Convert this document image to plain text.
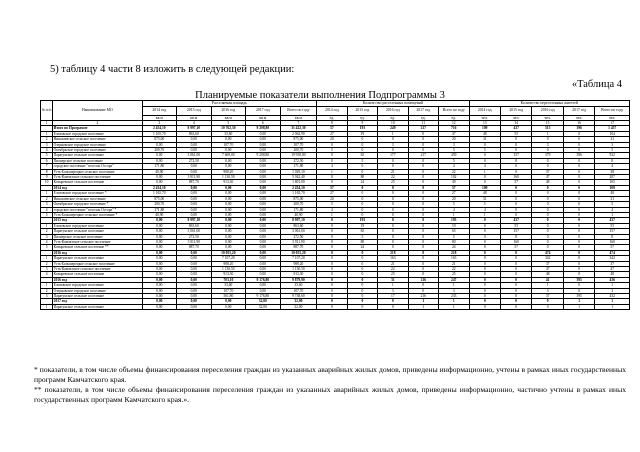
5) таблицу 4 части 8 изложить в следующей редакции:
«Таблица 4
Планируемые показатели выполнения Подпрограммы 3
№ п/п	Наименование МО	Расселяемая площадь					Количество расселенных помещений					Количество переселенных жителей				
		2014 год	2015 год	2016 год	2017 год	Всего по году	2014 год	2015 год	2016 год	2017 год	Всего по году	2014 год	2015 год	2016 год	2017 год	Всего по году
		кв.м	кв.м	кв.м	кв.м	кв.м	ед.	ед.	ед.	ед.	ед.	чел.	чел.	чел.	чел.	чел.
1	2	3	4	5	6	7	8	9	10	11	12	13	14	15	16	17
	Итого по Программе	2 454,10	8 997,10	10 762,30	9 208,80	31 422,30	57	193	249	217	716	109	437	515	396	1 457
1	Елизовское городское поселение	1 165,70	863,60	33,60	0,00	2 062,90	27	19	1	0	47	48	55	1	0	104
2	Николаевское сельское поселение	875,00	0,00	0,00	0,00	875,00	20	0	0	0	20	31	0	0	0	31
3	Озерновское городское поселение	0,00	0,00	107,70	0,00	107,70	0	0	3	0	3	0	0	3	0	3
4	Октябрьское городское поселение	200,70	0,00	0,00	0,00	200,70	5	0	0	0	5	5	0	0	0	5
5	Паратунское сельское поселение	0,00	3 061,00	7 669,00	9 208,80	19 938,80	0	65	177	217	459	0	157	379	396	932
6	Пионерское сельское поселение	0,00	272,50	0,00	0,00	272,50	0	5	0	0	5	0	8	0	0	8
7	городское поселение "поселок Оссора"	171,80	0,00	0,00	0,00	171,80	4	0	0	0	4	4	0	0	0	4
8	Усть-Большерецкое сельское поселение	40,90	0,00	988,20	0,00	1 029,10	1	0	21	0	22	1	0	37	0	38
9	Усть-Камчатское сельское поселение	0,00	3 911,90	1 130,50	0,00	5 042,40	0	80	22	0	102	0	160	47	0	207
10	Козыревское сельское поселение	0,00	887,70	913,30	0,00	1 801,00	0	24	25	0	49	0	57	48	0	105
	2014 год	2 454,10	0,00	0,00	0,00	2 454,10	57	0	0	0	57	109	0	0	0	109
1	Елизовское городское поселение *	1 165,70	0,00	0,00	0,00	1 165,70	27	0	0	0	27	48	0	0	0	48
2	Николаевское сельское поселение	875,00	0,00	0,00	0,00	875,00	20	0	0	0	20	31	0	0	0	31
3	Октябрьское городское поселение *	200,70	0,00	0,00	0,00	200,70	5	0	0	0	5	5	0	0	0	5
4	городское поселение "поселок Оссора" *	171,80	0,00	0,00	0,00	171,80	4	0	0	0	4	4	0	0	0	4
5	Усть-Большерецкое сельское поселение *	40,90	0,00	0,00	0,00	40,90	1	0	0	0	1	1	0	0	0	1
	2015 год	0,00	8 997,10	0,00	0,00	8 997,10	0	193	0	0	193	0	437	0	0	437
1	Елизовское городское поселение	0,00	863,60	0,00	0,00	863,60	0	19	0	0	19	0	55	0	0	55
2	Паратунское сельское поселение	0,00	3 061,00	0,00	0,00	3 061,00	0	65	0	0	65	0	157	0	0	157
3	Пионерское сельское поселение	0,00	272,50	0,00	0,00	272,50	0	5	0	0	5	0	8	0	0	8
4	Усть-Камчатское сельское поселение	0,00	3 911,90	0,00	0,00	3 911,90	0	80	0	0	80	0	160	0	0	160
5	Козыревское сельское поселение **	0,00	887,70	0,00	0,00	887,70	0	24	0	0	24	0	57	0	0	57
	2016 год	0,00	0,00	10 055,20	0,00	10 055,20	0	0	218	0	218	0	0	474	0	474
1	Паратунское сельское поселение	0,00	0,00	7 107,20	0,00	7 107,20	0	0	163	0	163	0	0	342	0	342
2	Усть-Большерецкое сельское поселение	0,00	0,00	988,20	0,00	988,20	0	0	21	0	21	0	0	37	0	37
3	Усть-Камчатское сельское поселение	0,00	0,00	1 130,50	0,00	1 130,50	0	0	22	0	22	0	0	47	0	47
4	Козыревское сельское поселение	0,00	0,00	913,30	0,00	913,30	0	0	25	0	25	0	0	48	0	48
	2016 год	0,00	0,00	703,10	9 176,80	9 879,90	0	0	31	216	247	0	0	41	395	436
1	Елизовское городское поселение	0,00	0,00	33,60	0,00	33,60	0	0	1	0	1	0	0	1	0	1
2	Озерновское городское поселение	0,00	0,00	107,70	0,00	107,70	0	0	3	0	3	0	0	3	0	3
3	Паратунское сельское поселение	0,00	0,00	561,80	9 176,80	9 738,60	0	0	17	216	233	0	0	37	395	432
	2017 год	0,00	0,00	0,00	32,00	32,00	0	0	0	1	1	0	0	0	1	1
1	Паратунское сельское поселение	0,00	0,00	0,00	32,00	32,00	0	0	0	1	1	0	0	0	1	1
* показатели, в том числе объемы финансирования переселения граждан из указанных аварийных жилых домов, приведены информационно, учтены в рамках иных государственных программ Камчатского края.
** показатели, в том числе объемы финансирования переселения граждан из указанных аварийных жилых домов, приведены информационно, частично учтены в рамках иных государственных программ Камчатского края.».
